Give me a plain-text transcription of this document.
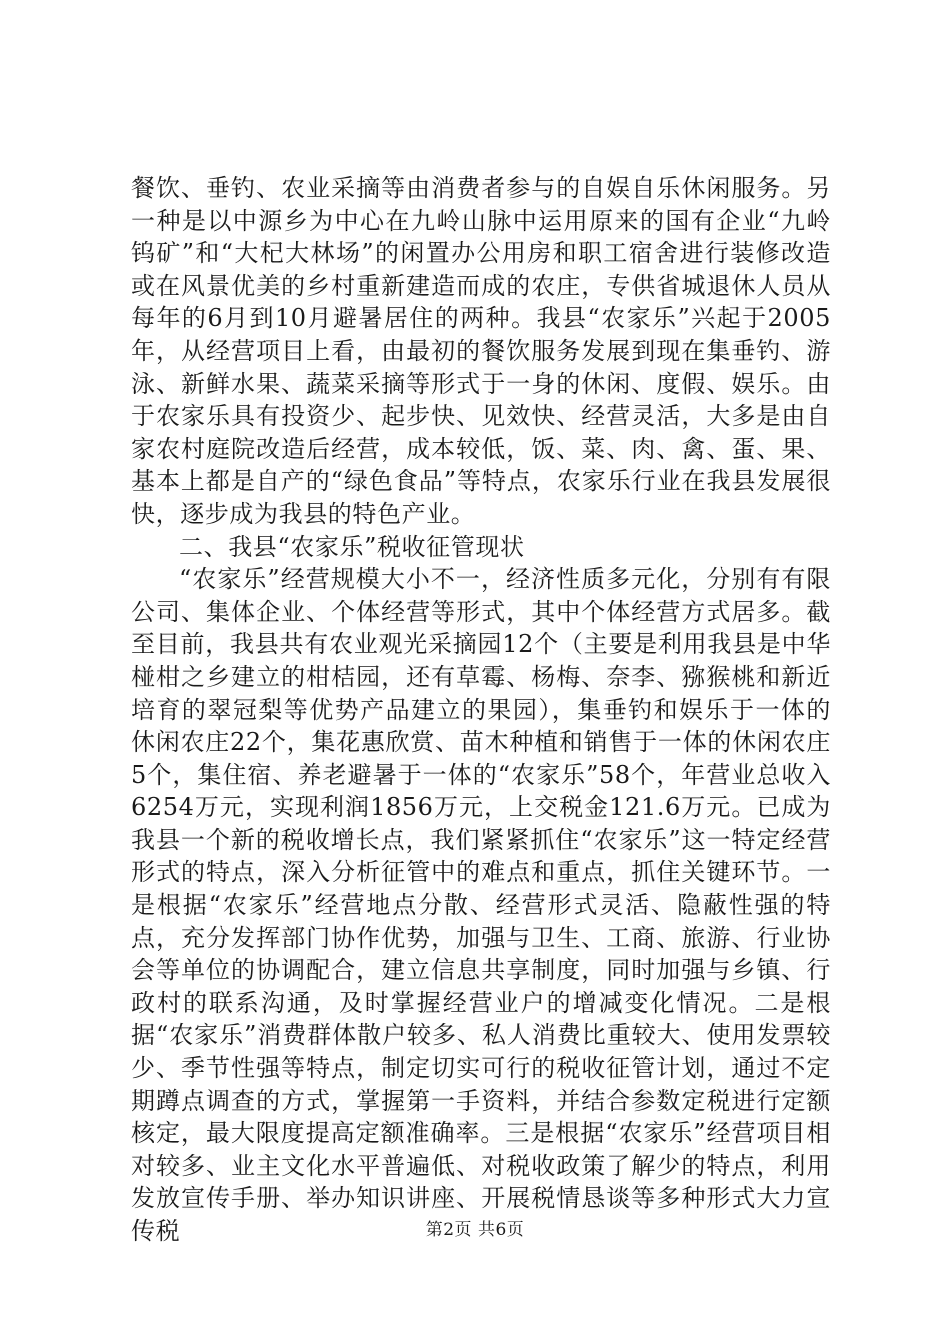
餐饮、垂钓、农业采摘等由消费者参与的自娱自乐休闲服务。另一种是以中源乡为中心在九岭山脉中运用原来的国有企业“九岭钨矿”和“大杞大林场”的闲置办公用房和职工宿舍进行装修改造或在风景优美的乡村重新建造而成的农庄，专供省城退休人员从每年的6月到10月避暑居住的两种。我县“农家乐”兴起于2005年，从经营项目上看，由最初的餐饮服务发展到现在集垂钓、游泳、新鲜水果、蔬菜采摘等形式于一身的休闲、度假、娱乐。由于农家乐具有投资少、起步快、见效快、经营灵活，大多是由自家农村庭院改造后经营，成本较低，饭、菜、肉、禽、蛋、果、基本上都是自产的“绿色食品”等特点，农家乐行业在我县发展很快，逐步成为我县的特色产业。

二、我县“农家乐”税收征管现状

“农家乐”经营规模大小不一，经济性质多元化，分别有有限公司、集体企业、个体经营等形式，其中个体经营方式居多。截至目前，我县共有农业观光采摘园12个（主要是利用我县是中华椪柑之乡建立的柑桔园，还有草霉、杨梅、奈李、猕猴桃和新近培育的翠冠梨等优势产品建立的果园），集垂钓和娱乐于一体的休闲农庄22个，集花惠欣赏、苗木种植和销售于一体的休闲农庄5个，集住宿、养老避暑于一体的“农家乐”58个，年营业总收入6254万元，实现利润1856万元，上交税金121.6万元。已成为我县一个新的税收增长点，我们紧紧抓住“农家乐”这一特定经营形式的特点，深入分析征管中的难点和重点，抓住关键环节。一是根据“农家乐”经营地点分散、经营形式灵活、隐蔽性强的特点，充分发挥部门协作优势，加强与卫生、工商、旅游、行业协会等单位的协调配合，建立信息共享制度，同时加强与乡镇、行政村的联系沟通，及时掌握经营业户的增减变化情况。二是根据“农家乐”消费群体散户较多、私人消费比重较大、使用发票较少、季节性强等特点，制定切实可行的税收征管计划，通过不定期蹲点调查的方式，掌握第一手资料，并结合参数定税进行定额核定，最大限度提高定额准确率。三是根据“农家乐”经营项目相对较多、业主文化水平普遍低、对税收政策了解少的特点，利用发放宣传手册、举办知识讲座、开展税情恳谈等多种形式大力宣传税	第2页 共6页
